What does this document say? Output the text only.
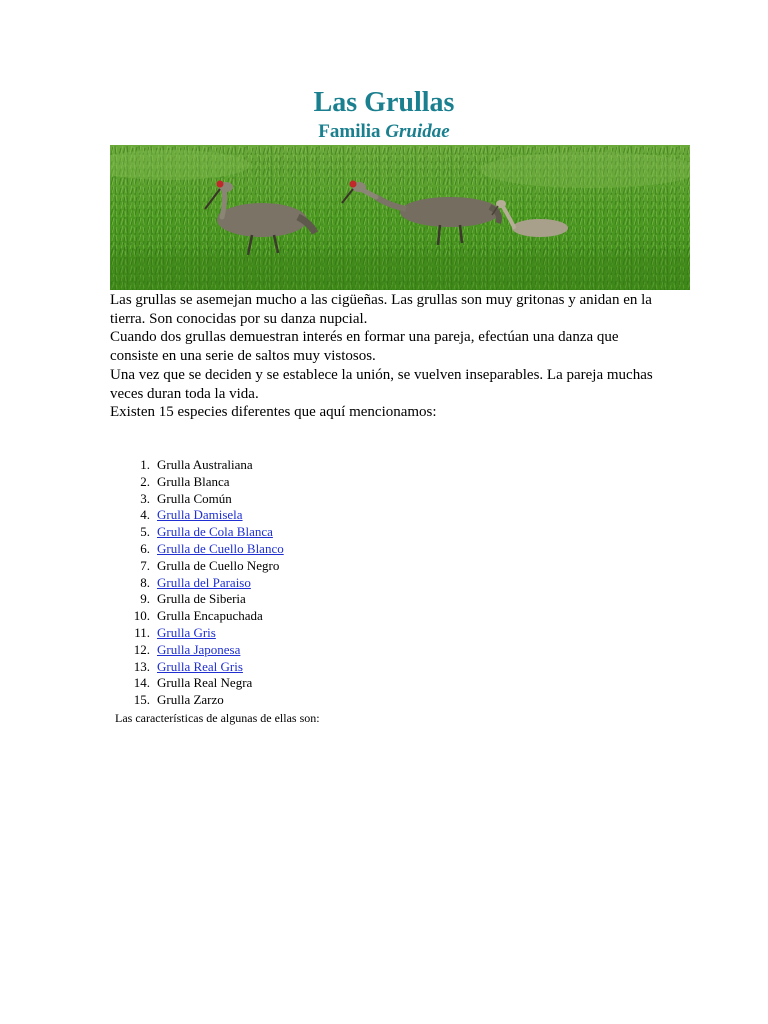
Las Grullas
Familia Gruidae

Las grullas se asemejan mucho a las cigüeñas. Las grullas son muy gritonas y anidan en la tierra. Son conocidas por su danza nupcial.

Cuando dos grullas demuestran interés en formar una pareja, efectúan una danza que consiste en una serie de saltos muy vistosos.

Una vez que se deciden y se establece la unión, se vuelven inseparables. La pareja muchas veces duran toda la vida.

Existen 15 especies diferentes que aquí mencionamos:

1 . Grulla Australiana
2 . Grulla Blanca
3 . Grulla Común
4 . Grulla Damisela
5 . Grulla de Cola Blanca
6 . Grulla de Cuello Blanco
7 . Grulla de Cuello Negro
8 . Grulla del Paraiso
9 . Grulla de Siberia
10 . Grulla Encapuchada
11 . Grulla Gris
12 . Grulla Japonesa
13 . Grulla Real Gris
14 . Grulla Real Negra
15 . Grulla Zarzo
Las características de algunas de ellas son:
